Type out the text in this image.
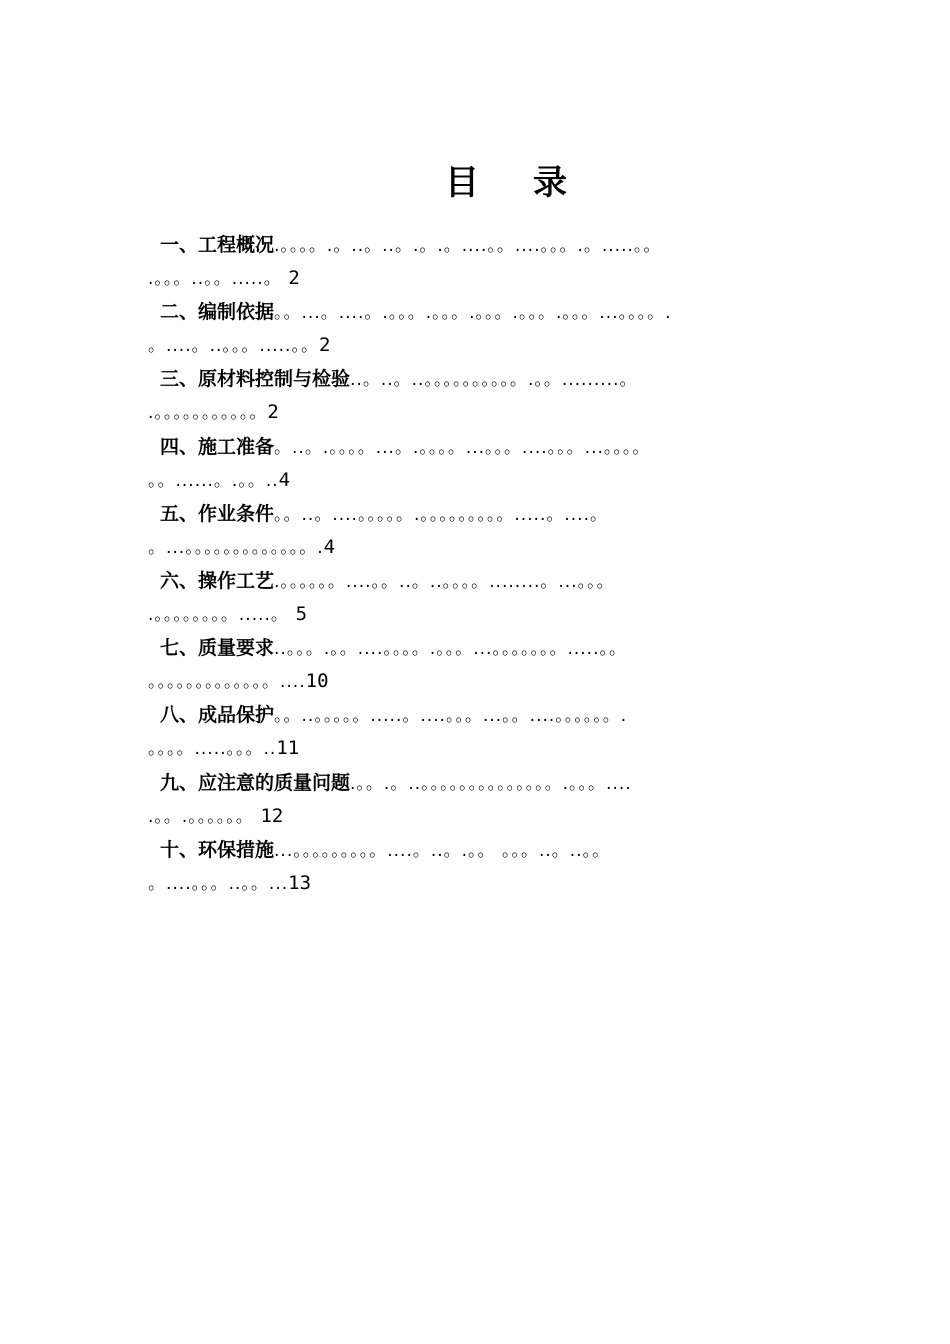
目 录
一、工程概况.。。。。.。..。..。.。.。....。。....。。。.。.....。。
.。。。..。。.....。 2
二、编制依据。。...。....。.。。。.。。。.。。。.。。。.。。。...。。。。.
。....。..。。。.....。。2
三、原材料控制与检验..。..。..。。。。。。。。。。.。。.........。
.。。。。。。。。。。。2
四、施工准备。..。.。。。。...。.。。。。...。。。....。。。...。。。。
。。......。.。。..4
五、作业条件。。..。....。。。。。.。。。。。。。。。.....。....。
。...。。。。。。。。。。。。。.4
六、操作工艺.。。。。。。....。。..。..。。。。........。...。。。
.。。。。。。。。.....。 5
七、质量要求..。。。.。。....。。。。.。。。...。。。。。。。.....。。
。。。。。。。。。。。。。....10
八、成品保护。。..。。。。。.....。....。。。...。。....。。。。。。.
。。。。.....。。。..11
九、应注意的质量问题.。。.。..。。。。。。。。。。。。。。.。。。....
.。。.。。。。。。 12
十、环保措施...。。。。。。。。。....。..。.。。 。。。..。..。。
。....。。。..。。...13
